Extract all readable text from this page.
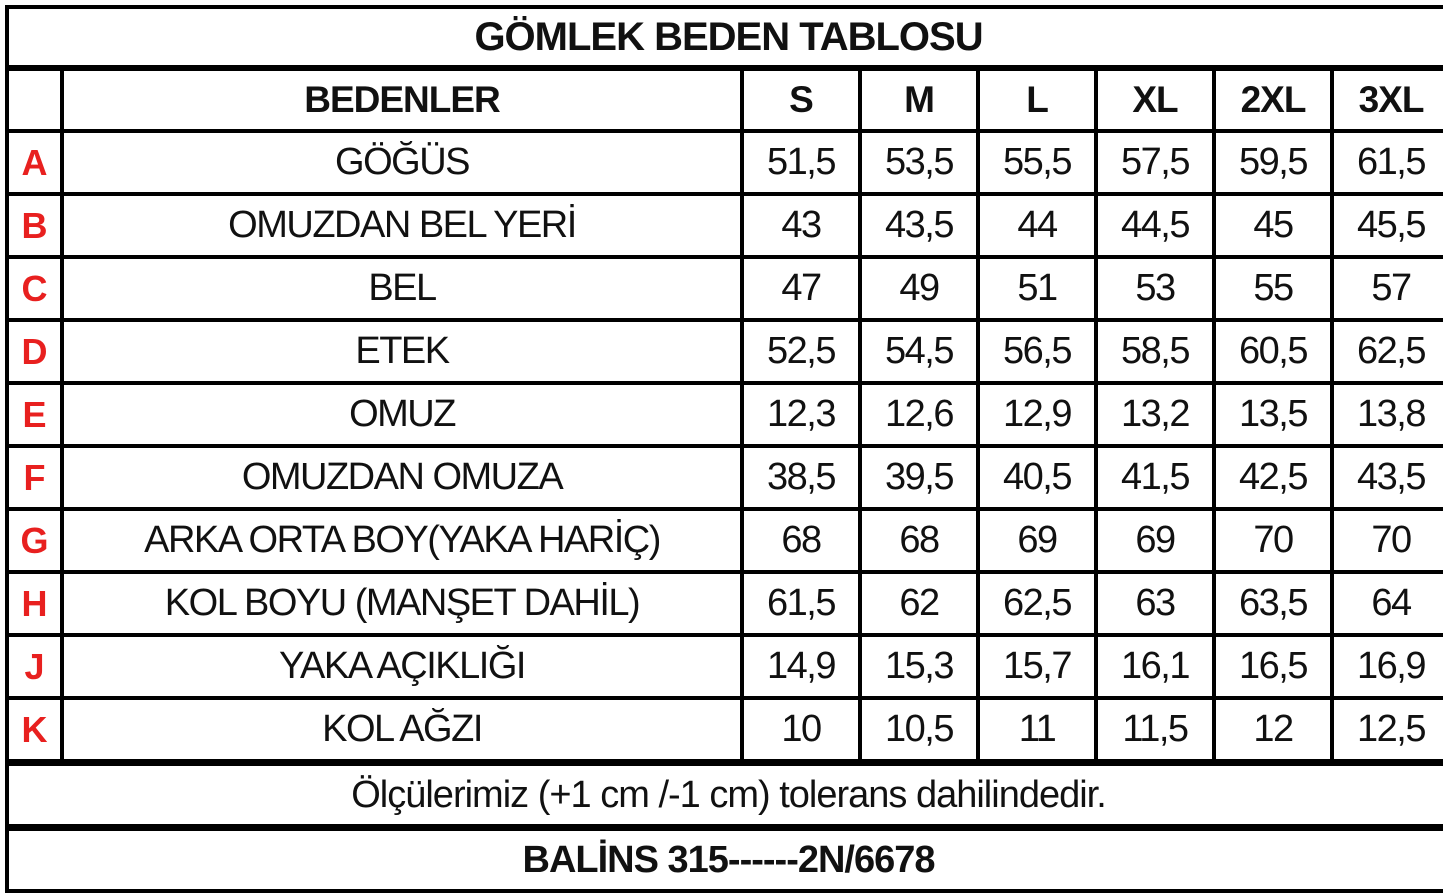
GÖMLEK BEDEN TABLOSU							
	BEDENLER	S	M	L	XL	2XL	3XL
A	GÖĞÜS	51,5	53,5	55,5	57,5	59,5	61,5
B	OMUZDAN BEL YERİ	43	43,5	44	44,5	45	45,5
C	BEL	47	49	51	53	55	57
D	ETEK	52,5	54,5	56,5	58,5	60,5	62,5
E	OMUZ	12,3	12,6	12,9	13,2	13,5	13,8
F	OMUZDAN OMUZA	38,5	39,5	40,5	41,5	42,5	43,5
G	ARKA ORTA BOY(YAKA HARİÇ)	68	68	69	69	70	70
H	KOL BOYU (MANŞET DAHİL)	61,5	62	62,5	63	63,5	64
J	YAKA AÇIKLIĞI	14,9	15,3	15,7	16,1	16,5	16,9
K	KOL AĞZI	10	10,5	11	11,5	12	12,5
Ölçülerimiz (+1 cm /-1 cm) tolerans dahilindedir.							
BALİNS 315------2N/6678							
